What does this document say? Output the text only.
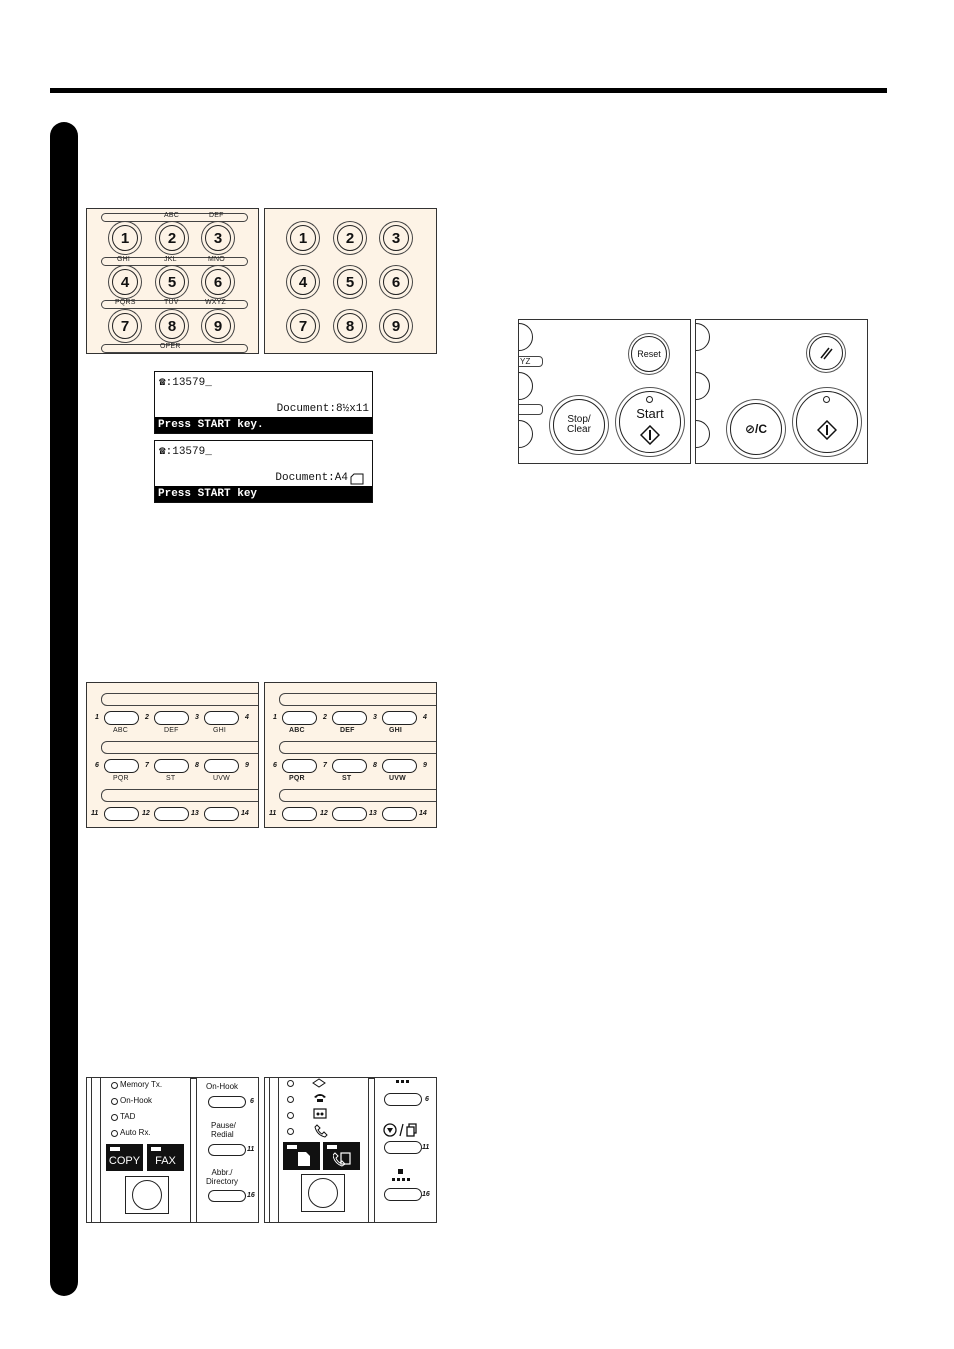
ABC	DEF
1	2	3
GHI	JKL	MNO
4	5	6
PQRS	TUV	WXYZ
7	8	9
OPER
1	2	3
4	5	6
7	8	9
☎:13579_
Document:8½x11
Press START key.
☎:13579_
Document:A4
Press START key
YZ
Reset
Stop/
Clear
Start
⊘/C
1	2	3	4
ABC	DEF	GHI
6	7	8	9
PQR	ST	UVW
11	12	13	14
1	2	3	4
ABC	DEF	GHI
6	7	8	9
PQR	ST	UVW
11	12	13	14
Memory Tx.
On-Hook
TAD
Auto Rx.
COPY	FAX
On-Hook
6
Pause/
Redial
11
Abbr./
Directory
16
6
11
16
